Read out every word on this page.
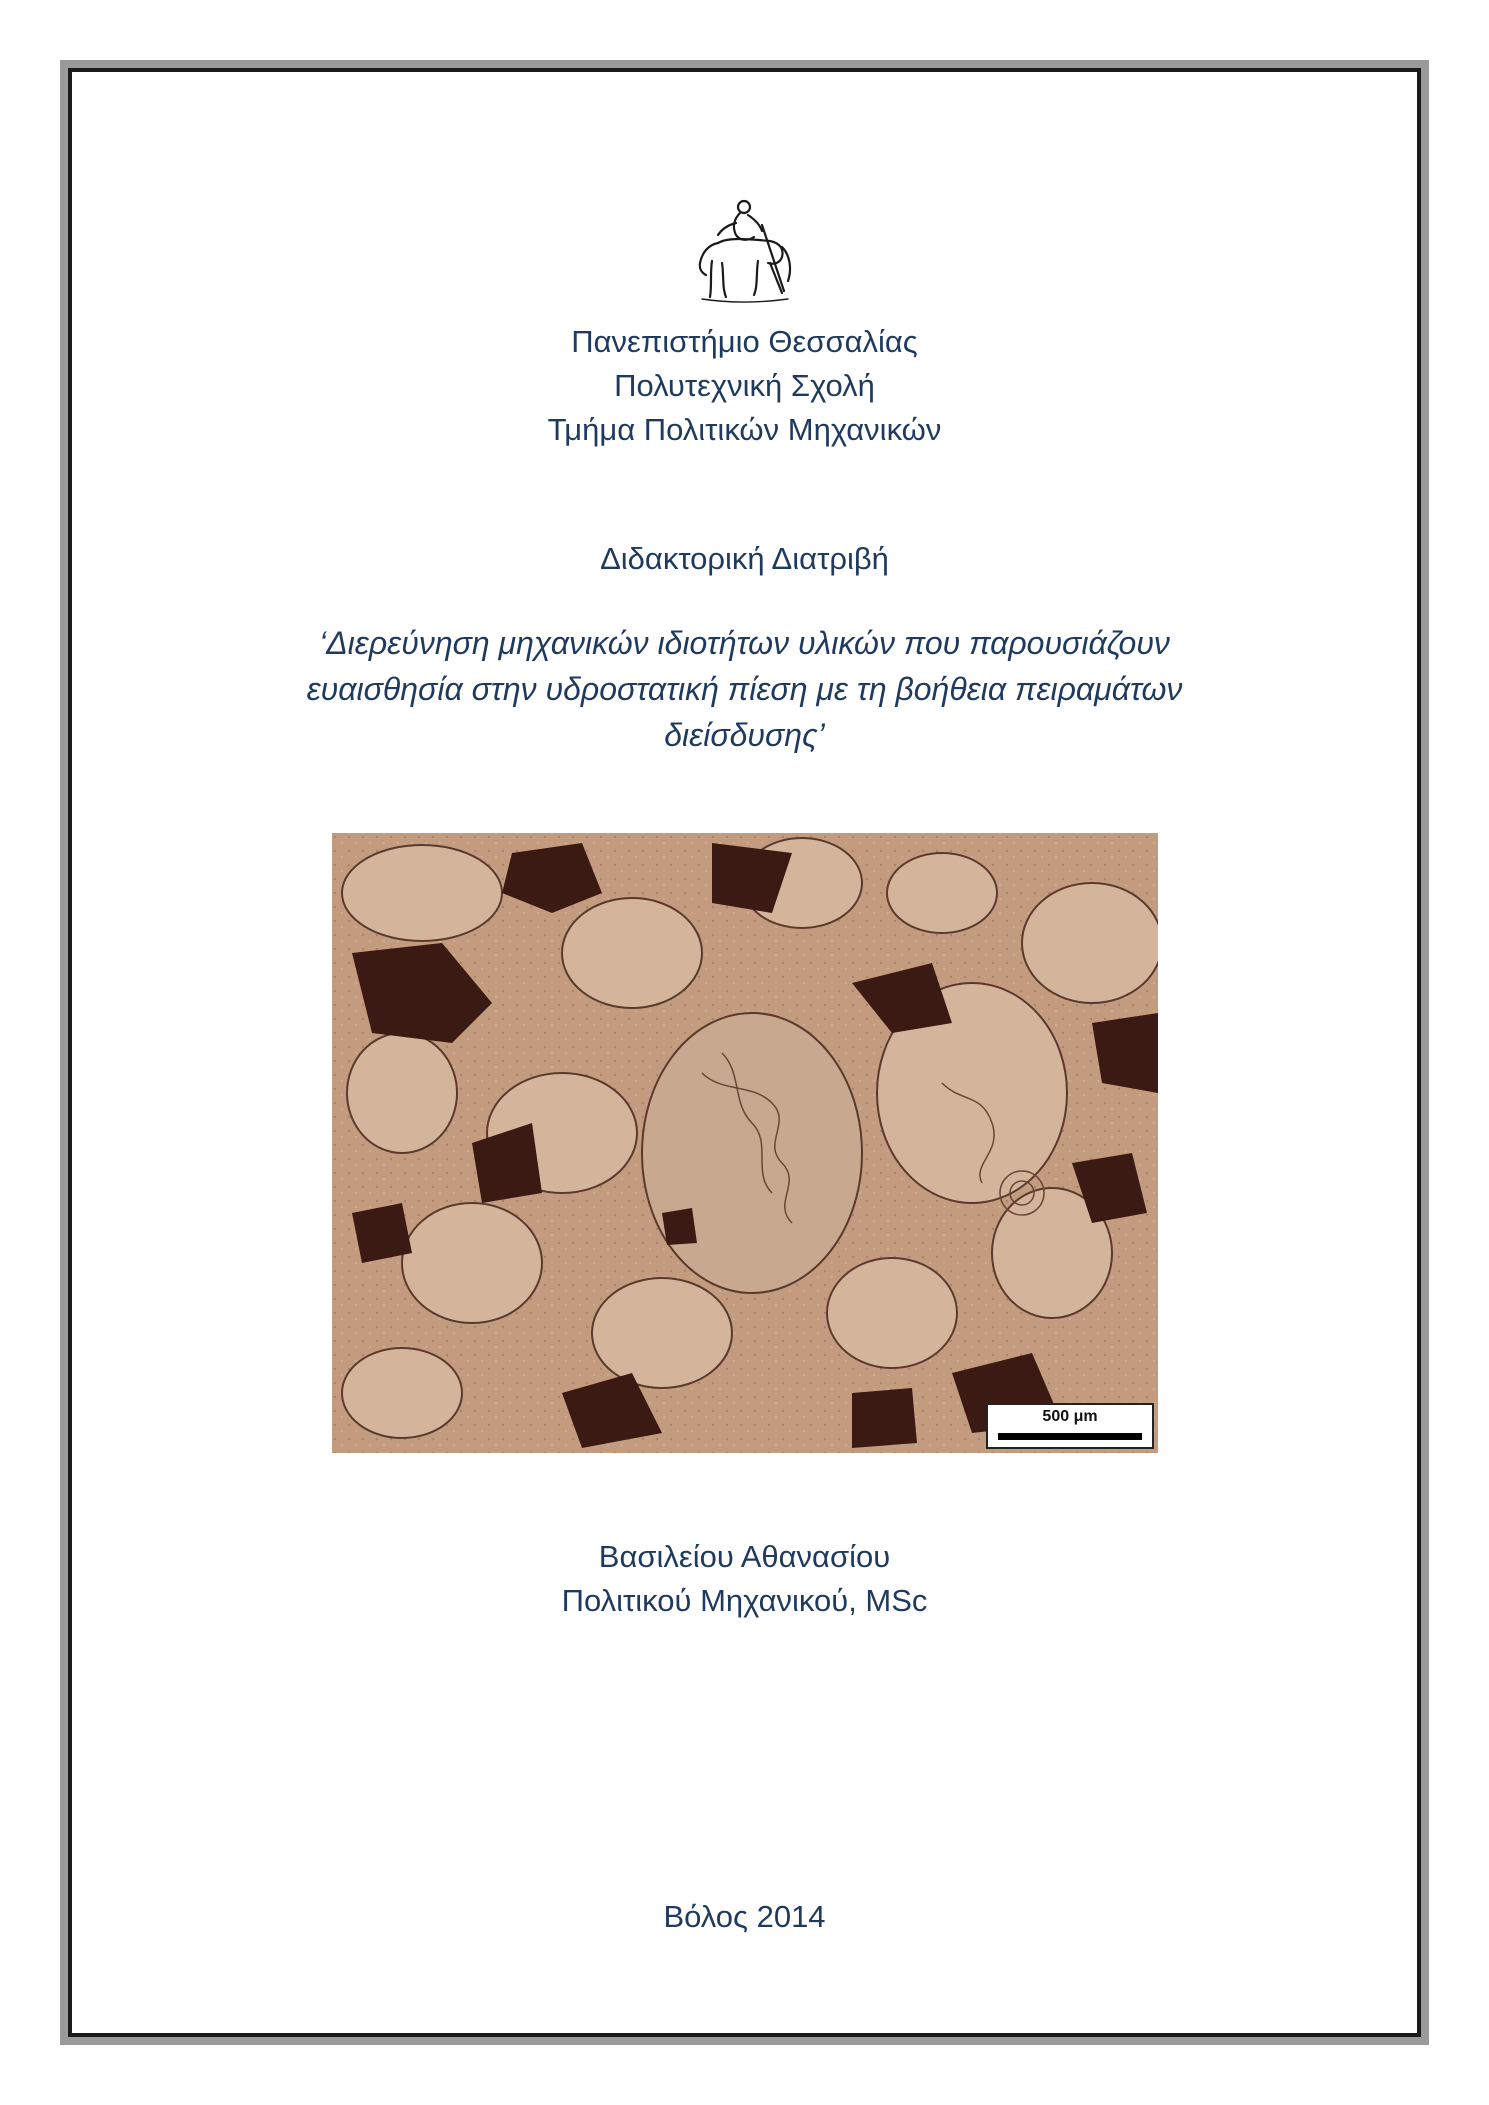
Πανεπιστήμιο Θεσσαλίας
Πολυτεχνική Σχολή
Τμήμα Πολιτικών Μηχανικών
Διδακτορική Διατριβή
‘Διερεύνηση μηχανικών ιδιοτήτων υλικών που παρουσιάζουν
ευαισθησία στην υδροστατική πίεση με τη βοήθεια πειραμάτων
διείσδυσης’
500 μm
Βασιλείου Αθανασίου
Πολιτικού Μηχανικού, MSc
Βόλος 2014
